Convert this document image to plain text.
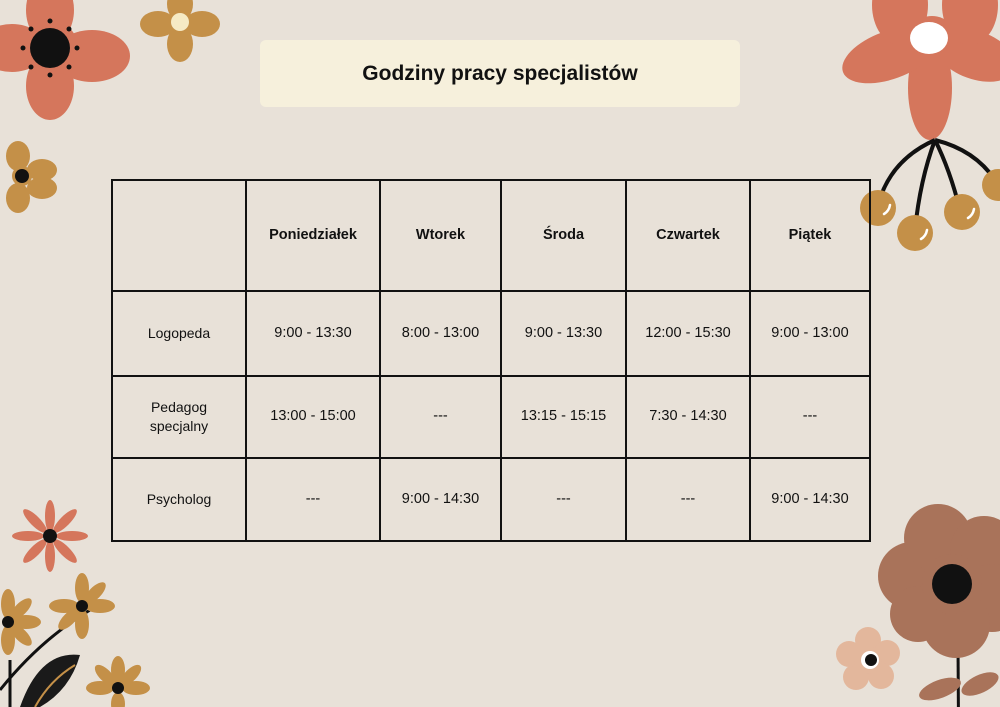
Godziny pracy specjalistów
	Poniedziałek	Wtorek	Środa	Czwartek	Piątek
Logopeda	9:00 - 13:30	8:00 - 13:00	9:00 - 13:30	12:00 - 15:30	9:00 - 13:00
Pedagog specjalny	13:00 - 15:00	---	13:15 - 15:15	7:30 - 14:30	---
Psycholog	---	9:00 - 14:30	---	---	9:00 - 14:30
